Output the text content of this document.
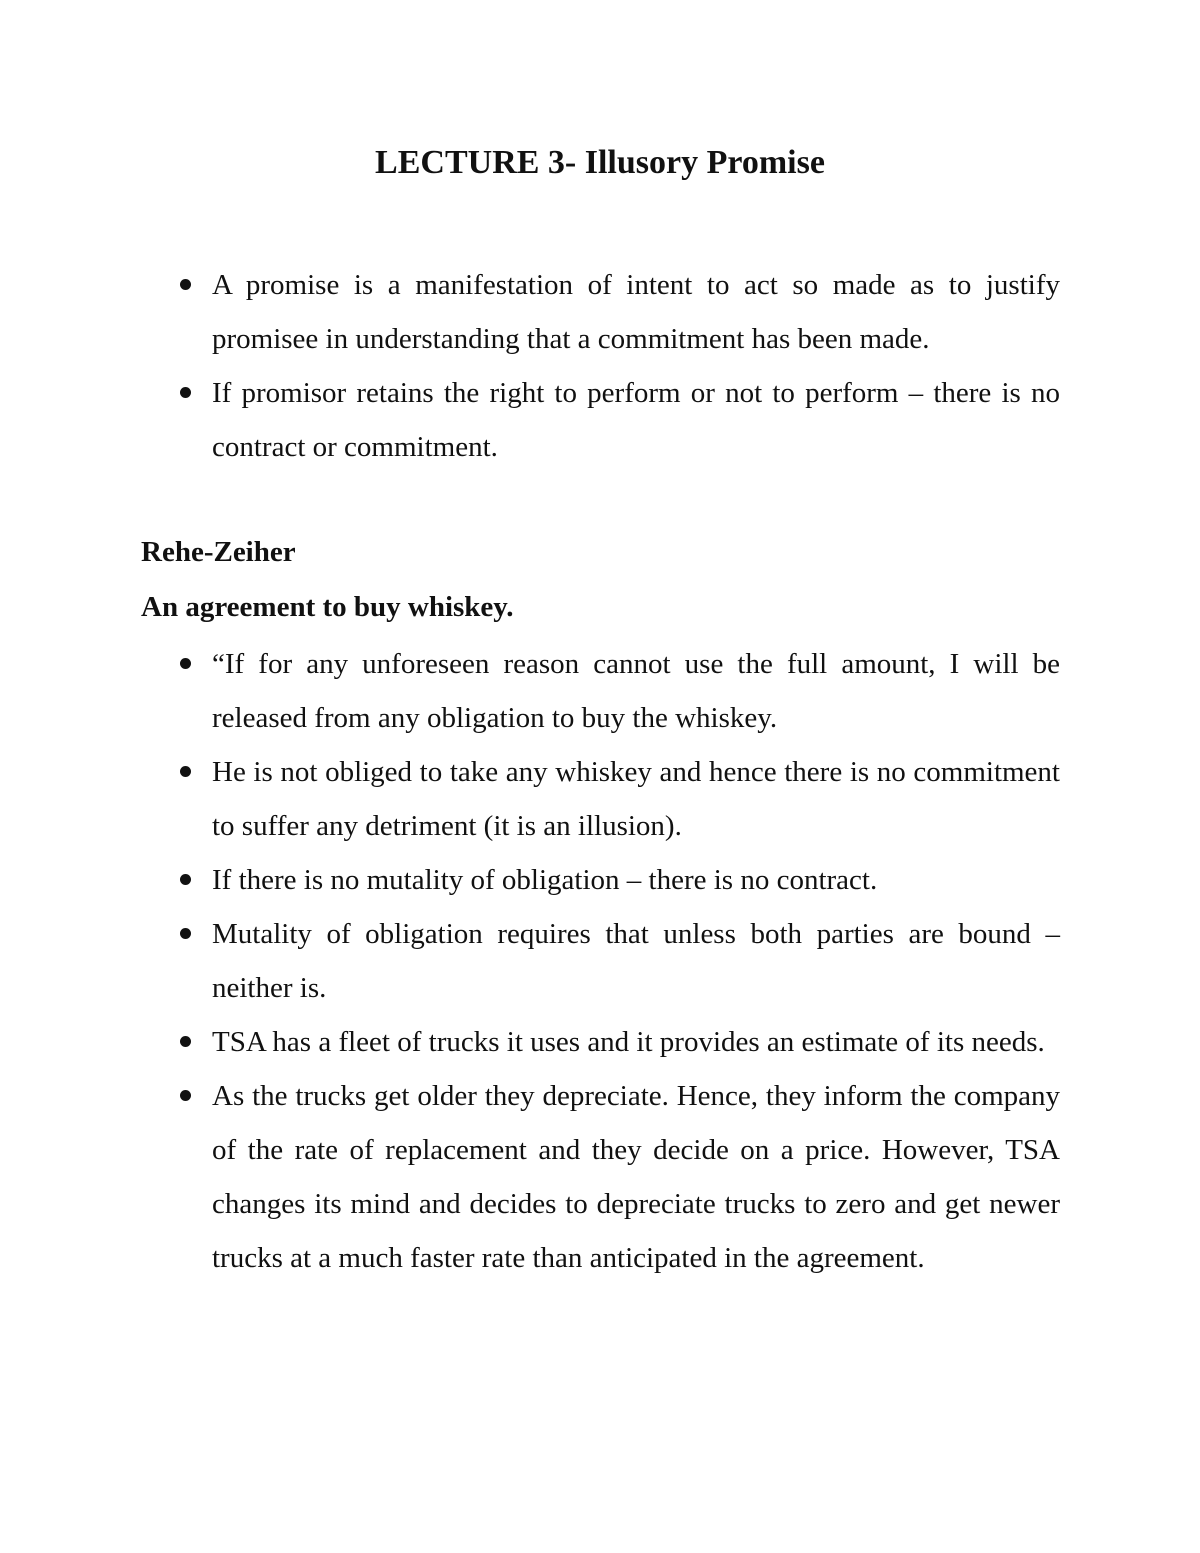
LECTURE 3- Illusory Promise
A promise is a manifestation of intent to act so made as to justify promisee in understanding that a commitment has been made.
If promisor retains the right to perform or not to perform – there is no contract or commitment.
Rehe-Zeiher
An agreement to buy whiskey.
“If for any unforeseen reason cannot use the full amount, I will be released from any obligation to buy the whiskey.
He is not obliged to take any whiskey and hence there is no commitment to suffer any detriment (it is an illusion).
If there is no mutality of obligation – there is no contract.
Mutality of obligation requires that unless both parties are bound – neither is.
TSA has a fleet of trucks it uses and it provides an estimate of its needs.
As the trucks get older they depreciate. Hence, they inform the company of the rate of replacement and they decide on a price. However, TSA changes its mind and decides to depreciate trucks to zero and get newer trucks at a much faster rate than anticipated in the agreement.
